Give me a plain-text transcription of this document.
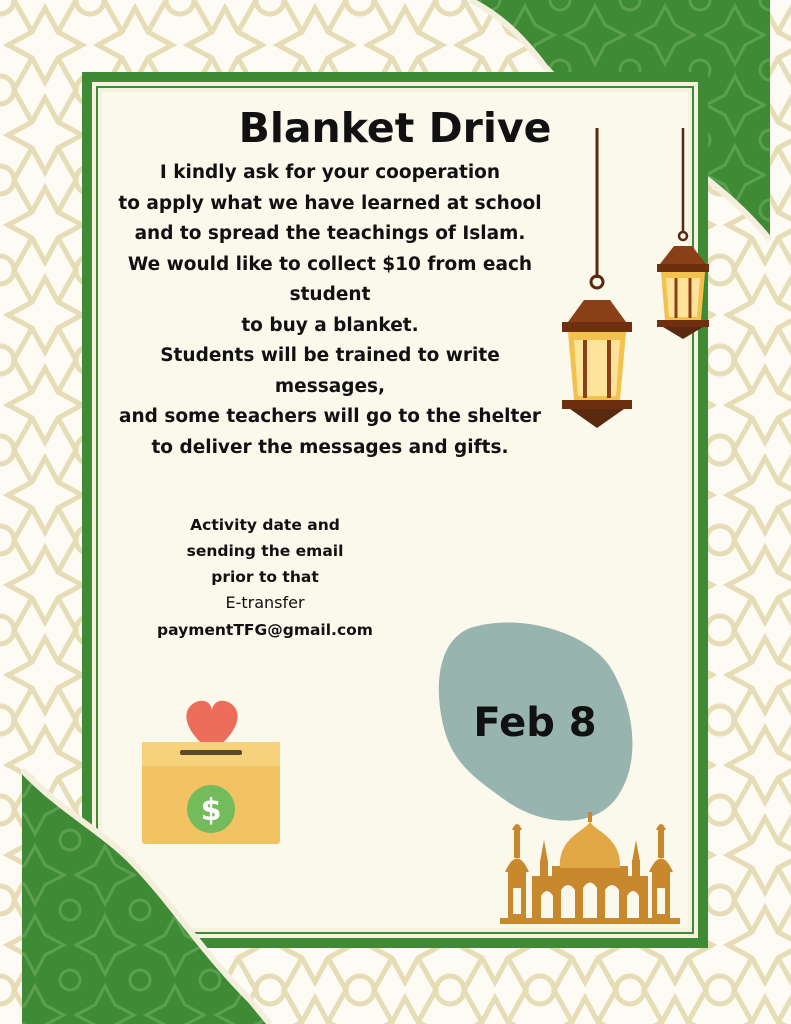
$
Blanket Drive
I kindly ask for your cooperation
to apply what we have learned at school
and to spread the teachings of Islam.
We would like to collect $10 from each
student
to buy a blanket.
Students will be trained to write
messages,
and some teachers will go to the shelter
to deliver the messages and gifts.
Activity date and
sending the email
prior to that
E-transfer
paymentTFG@gmail.com
Feb 8
